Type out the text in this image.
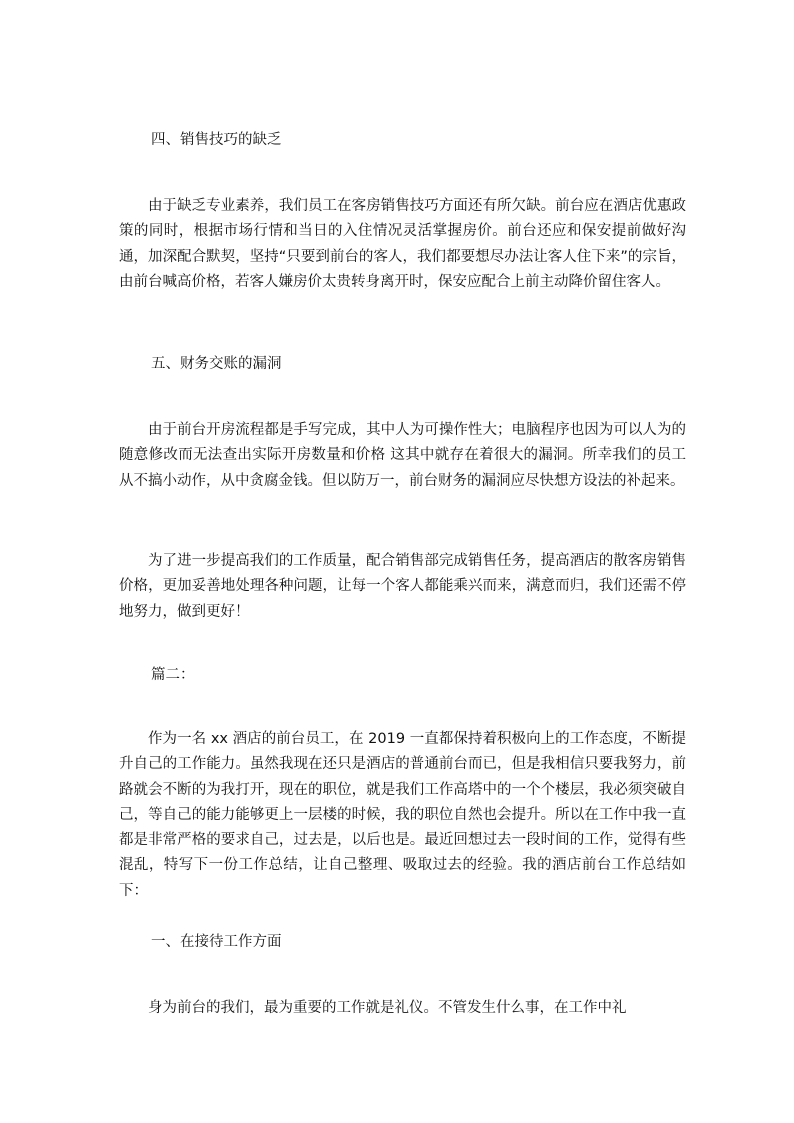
四、销售技巧的缺乏

由于缺乏专业素养，我们员工在客房销售技巧方面还有所欠缺。前台应在酒店优惠政策的同时，根据市场行情和当日的入住情况灵活掌握房价。前台还应和保安提前做好沟通，加深配合默契，坚持“只要到前台的客人，我们都要想尽办法让客人住下来”的宗旨，由前台喊高价格，若客人嫌房价太贵转身离开时，保安应配合上前主动降价留住客人。

五、财务交账的漏洞

由于前台开房流程都是手写完成，其中人为可操作性大；电脑程序也因为可以人为的随意修改而无法查出实际开房数量和价格 这其中就存在着很大的漏洞。所幸我们的员工从不搞小动作，从中贪腐金钱。但以防万一，前台财务的漏洞应尽快想方设法的补起来。

为了进一步提高我们的工作质量，配合销售部完成销售任务，提高酒店的散客房销售价格，更加妥善地处理各种问题，让每一个客人都能乘兴而来，满意而归，我们还需不停地努力，做到更好！

篇二：

作为一名 xx 酒店的前台员工，在 2019 一直都保持着积极向上的工作态度，不断提升自己的工作能力。虽然我现在还只是酒店的普通前台而已，但是我相信只要我努力，前路就会不断的为我打开，现在的职位，就是我们工作高塔中的一个个楼层，我必须突破自己，等自己的能力能够更上一层楼的时候，我的职位自然也会提升。所以在工作中我一直都是非常严格的要求自己，过去是，以后也是。最近回想过去一段时间的工作，觉得有些混乱，特写下一份工作总结，让自己整理、吸取过去的经验。我的酒店前台工作总结如下：

一、在接待工作方面

身为前台的我们，最为重要的工作就是礼仪。不管发生什么事，在工作中礼
